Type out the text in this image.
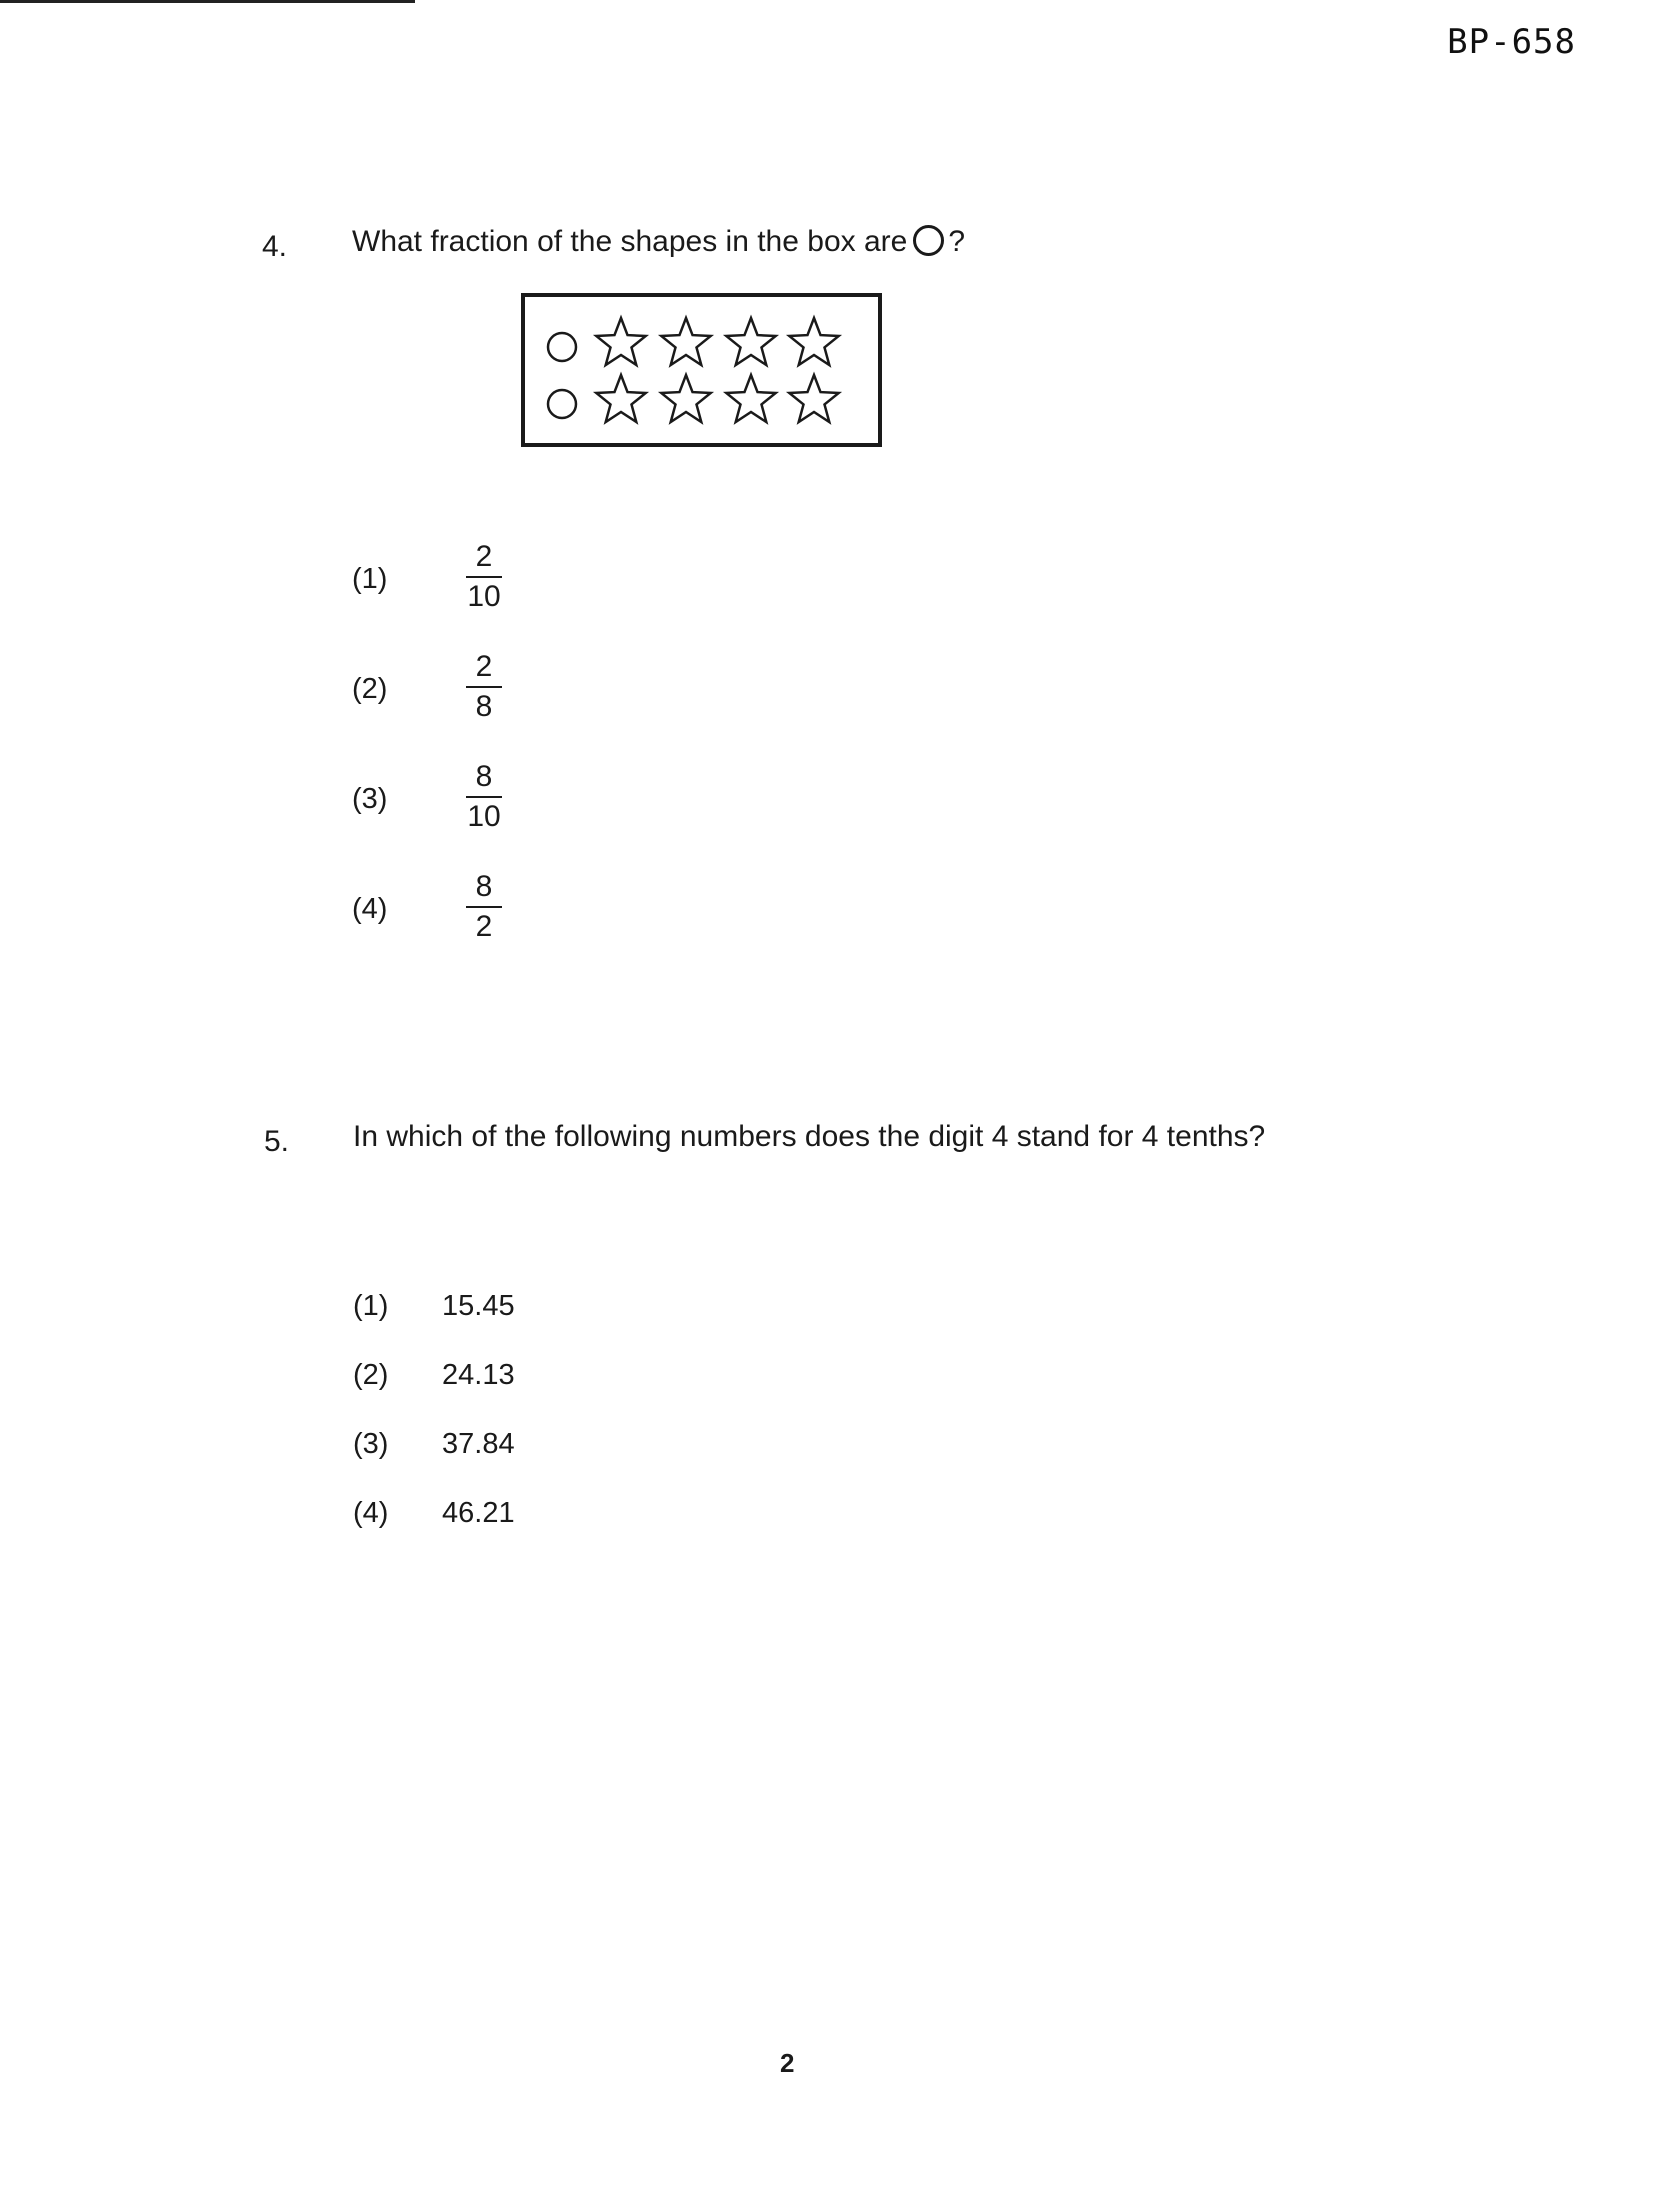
BP-658
4. What fraction of the shapes in the box are ?
(1)
2
10
(2)
2
8
(3)
8
10
(4)
8
2
5. In which of the following numbers does the digit 4 stand for 4 tenths?
(1) 15.45
(2) 24.13
(3) 37.84
(4) 46.21
2
